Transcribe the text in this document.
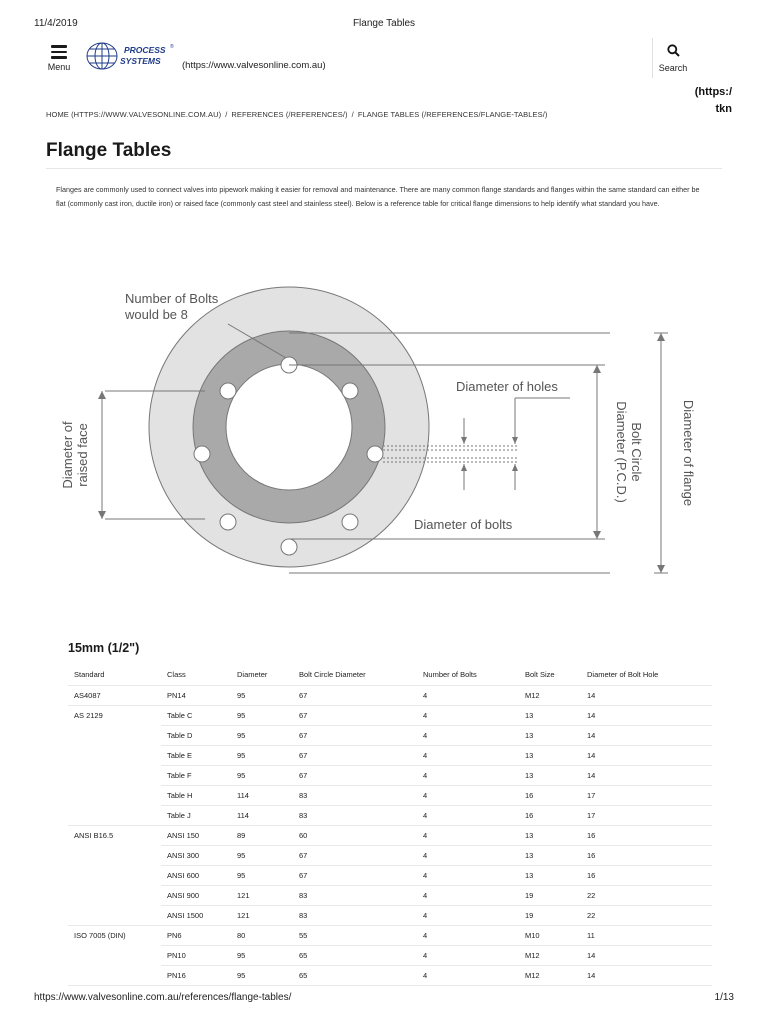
11/4/2019	Flange Tables
Menu
PROCESS
SYSTEMS
®
(https://www.valvesonline.com.au)	Search
(https:/
tkn
HOME (HTTPS://WWW.VALVESONLINE.COM.AU) / REFERENCES (/REFERENCES/) / FLANGE TABLES (/REFERENCES/FLANGE-TABLES/)
Flange Tables

Flanges are commonly used to connect valves into pipework making it easier for removal and maintenance. There are many common flange standards and flanges within the same standard can either be flat (commonly cast iron, ductile iron) or raised face (commonly cast steel and stainless steel). Below is a reference table for critical flange dimensions to help identify what standard you have.

Number of Bolts would be 8
Diameter of holes
Diameter of bolts
Diameter ofraised face	Bolt CircleDiameter (P.C.D.)	Diameter of flange
15mm (1/2")
Standard	Class	Diameter	Bolt Circle Diameter	Number of Bolts	Bolt Size	Diameter of Bolt Hole
AS4087	PN14	95	67	4	M12	14
AS 2129	Table C	95	67	4	13	14
	Table D	95	67	4	13	14
	Table E	95	67	4	13	14
	Table F	95	67	4	13	14
	Table H	114	83	4	16	17
	Table J	114	83	4	16	17
ANSI B16.5	ANSI 150	89	60	4	13	16
	ANSI 300	95	67	4	13	16
	ANSI 600	95	67	4	13	16
	ANSI 900	121	83	4	19	22
	ANSI 1500	121	83	4	19	22
ISO 7005 (DIN)	PN6	80	55	4	M10	11
	PN10	95	65	4	M12	14
	PN16	95	65	4	M12	14
https://www.valvesonline.com.au/references/flange-tables/	1/13
